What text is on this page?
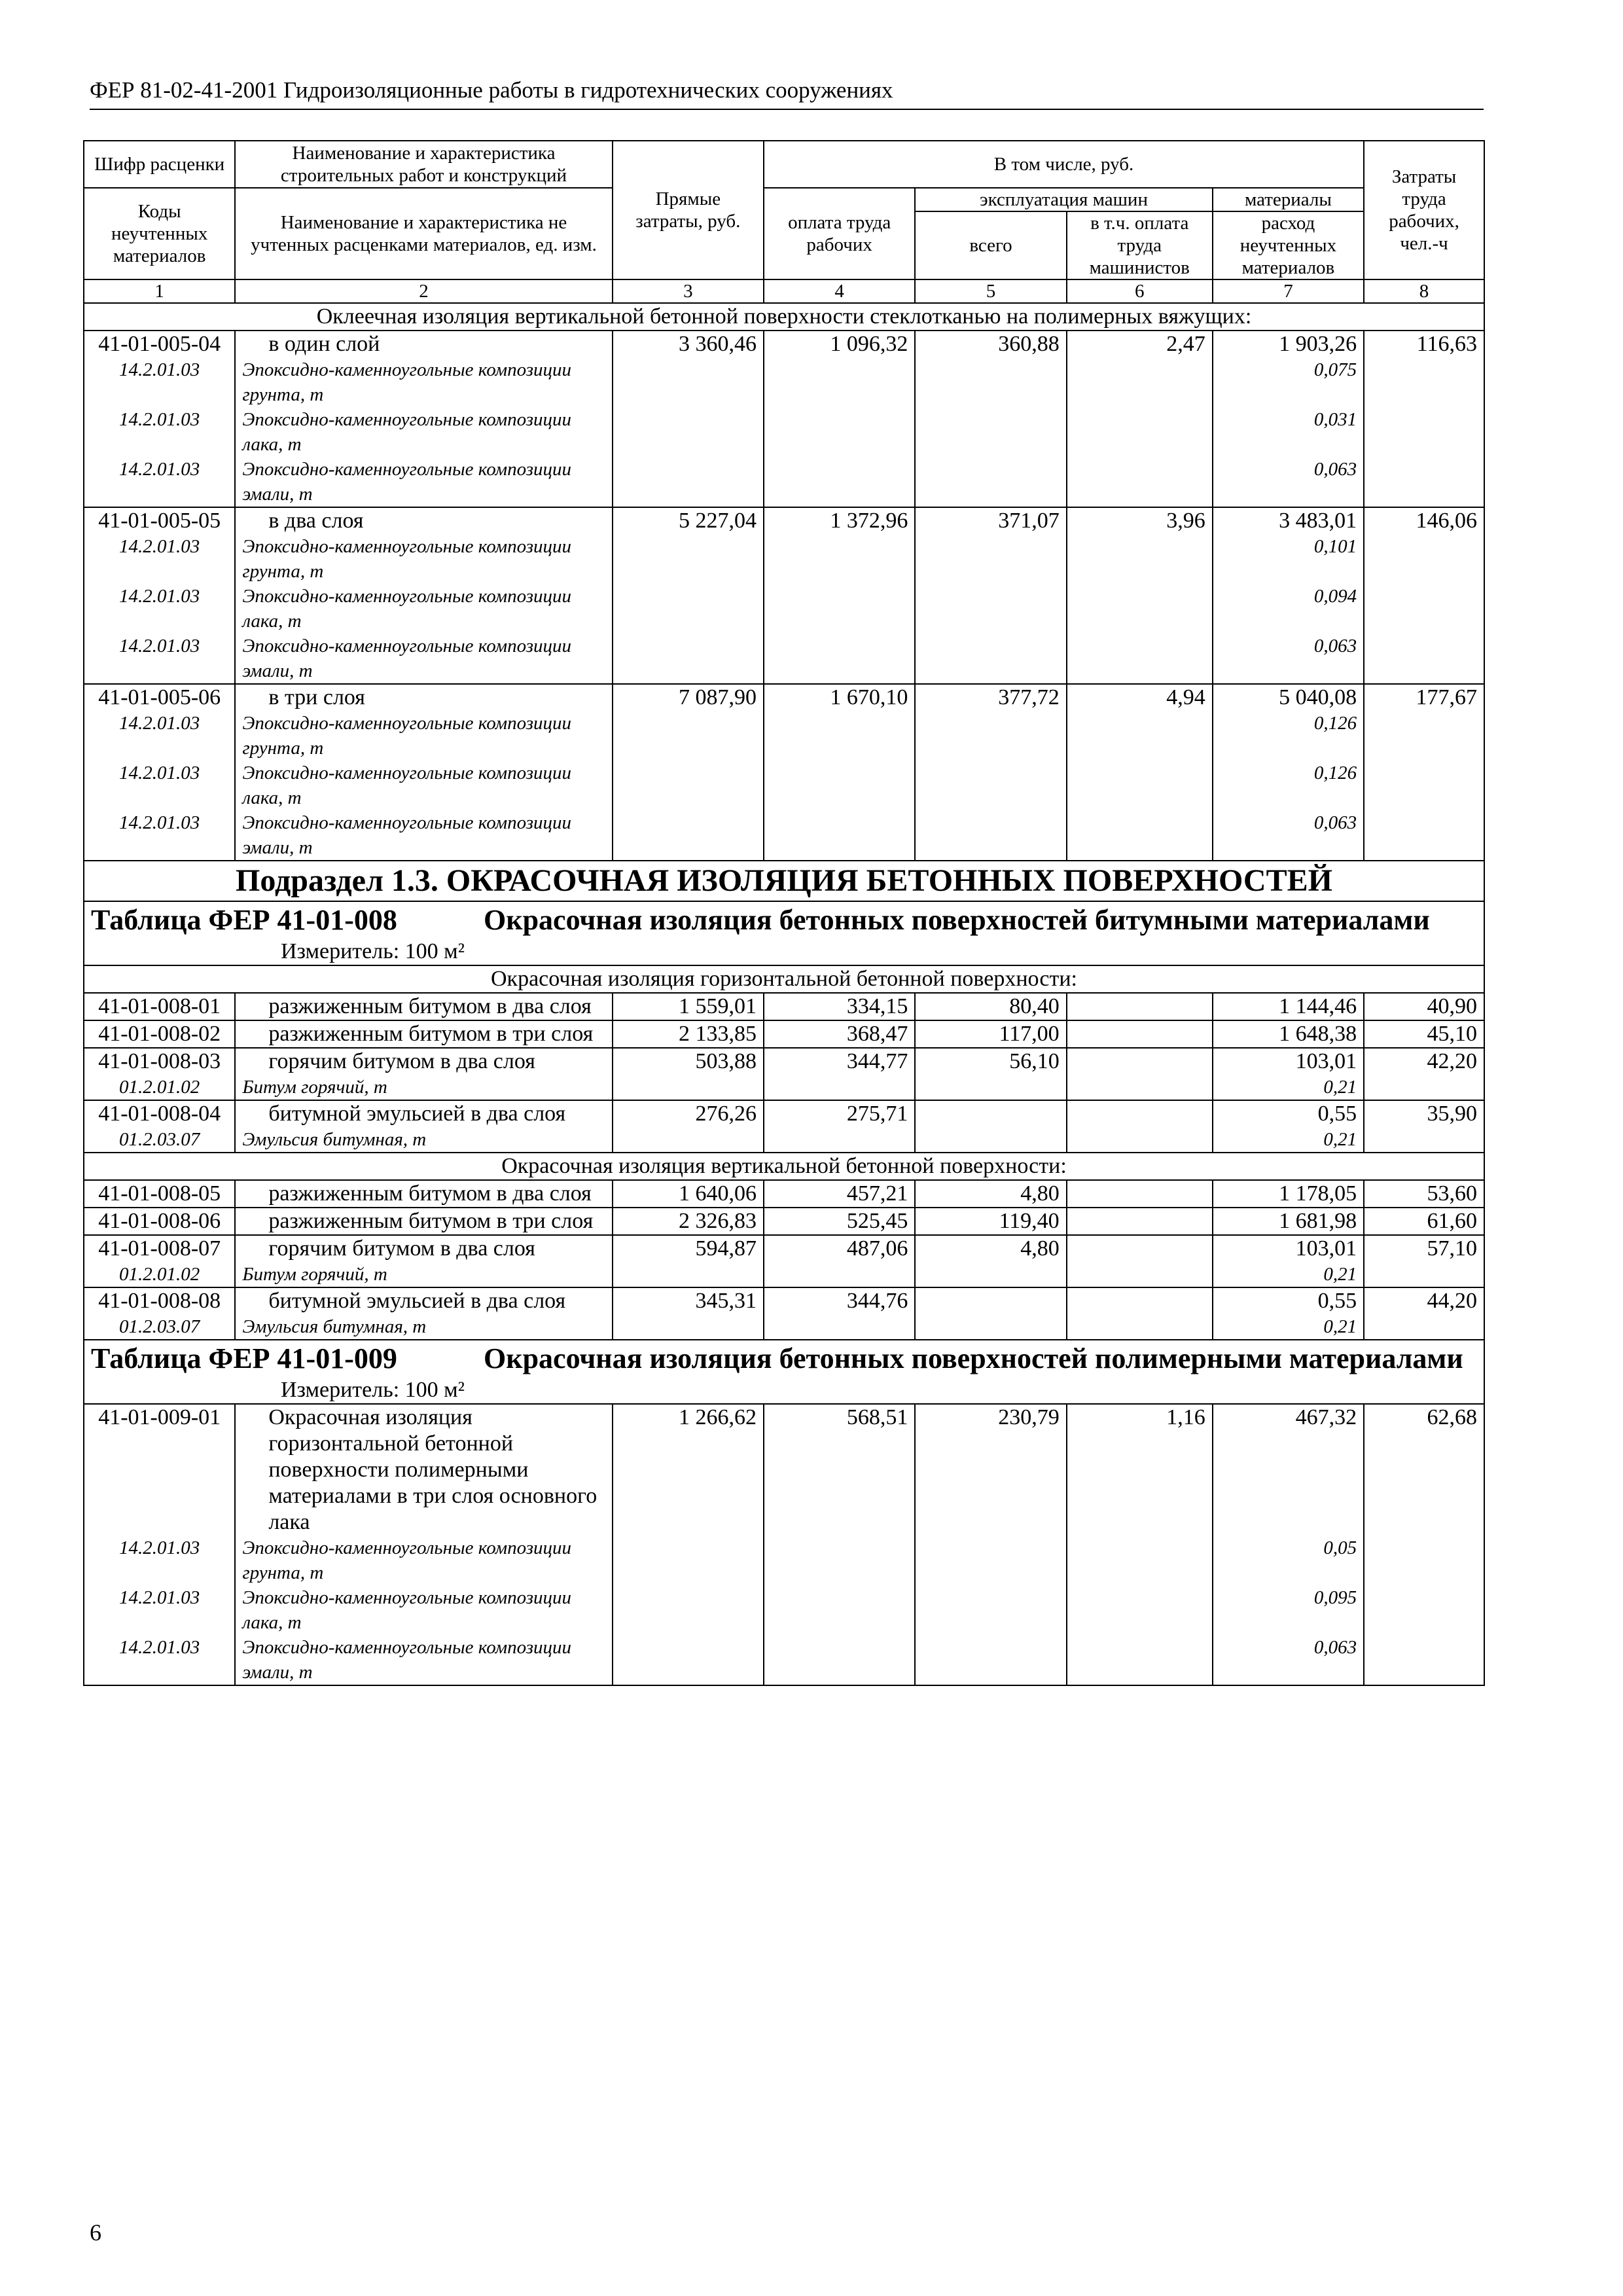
ФЕР 81-02-41-2001 Гидроизоляционные работы в гидротехнических сооружениях
Шифр расценки	Наименование и характеристика строительных работ и конструкций	Прямые затраты, руб.	В том числе, руб.				Затраты труда рабочих, чел.-ч
Коды неучтенных материалов	Наименование и характеристика не учтенных расценками материалов, ед. изм.		оплата труда рабочих	эксплуатация машин		материалы	
				всего	в т.ч. оплата труда машинистов	расход неучтенных материалов	
1	2	3	4	5	6	7	8
Оклеечная изоляция вертикальной бетонной поверхности стеклотканью на полимерных вяжущих:							
41-01-005-04	в один слой	3 360,46	1 096,32	360,88	2,47	1 903,26	116,63
14.2.01.03	Эпоксидно-каменноугольные композиции грунта, т					0,075	
14.2.01.03	Эпоксидно-каменноугольные композиции лака, т					0,031	
14.2.01.03	Эпоксидно-каменноугольные композиции эмали, т					0,063	
41-01-005-05	в два слоя	5 227,04	1 372,96	371,07	3,96	3 483,01	146,06
14.2.01.03	Эпоксидно-каменноугольные композиции грунта, т					0,101	
14.2.01.03	Эпоксидно-каменноугольные композиции лака, т					0,094	
14.2.01.03	Эпоксидно-каменноугольные композиции эмали, т					0,063	
41-01-005-06	в три слоя	7 087,90	1 670,10	377,72	4,94	5 040,08	177,67
14.2.01.03	Эпоксидно-каменноугольные композиции грунта, т					0,126	
14.2.01.03	Эпоксидно-каменноугольные композиции лака, т					0,126	
14.2.01.03	Эпоксидно-каменноугольные композиции эмали, т					0,063	
Подраздел 1.3. ОКРАСОЧНАЯ ИЗОЛЯЦИЯ БЕТОННЫХ ПОВЕРХНОСТЕЙ							
Таблица ФЕР 41-01-008 Окрасочная изоляция бетонных поверхностей битумными материалами							
Измеритель: 100 м²							
Окрасочная изоляция горизонтальной бетонной поверхности:							
41-01-008-01	разжиженным битумом в два слоя	1 559,01	334,15	80,40		1 144,46	40,90
41-01-008-02	разжиженным битумом в три слоя	2 133,85	368,47	117,00		1 648,38	45,10
41-01-008-03	горячим битумом в два слоя	503,88	344,77	56,10		103,01	42,20
01.2.01.02	Битум горячий, т					0,21	
41-01-008-04	битумной эмульсией в два слоя	276,26	275,71			0,55	35,90
01.2.03.07	Эмульсия битумная, т					0,21	
Окрасочная изоляция вертикальной бетонной поверхности:							
41-01-008-05	разжиженным битумом в два слоя	1 640,06	457,21	4,80		1 178,05	53,60
41-01-008-06	разжиженным битумом в три слоя	2 326,83	525,45	119,40		1 681,98	61,60
41-01-008-07	горячим битумом в два слоя	594,87	487,06	4,80		103,01	57,10
01.2.01.02	Битум горячий, т					0,21	
41-01-008-08	битумной эмульсией в два слоя	345,31	344,76			0,55	44,20
01.2.03.07	Эмульсия битумная, т					0,21	
Таблица ФЕР 41-01-009 Окрасочная изоляция бетонных поверхностей полимерными материалами							
Измеритель: 100 м²							
41-01-009-01	Окрасочная изоляция горизонтальной бетонной поверхности полимерными материалами в три слоя основного лака	1 266,62	568,51	230,79	1,16	467,32	62,68
14.2.01.03	Эпоксидно-каменноугольные композиции грунта, т					0,05	
14.2.01.03	Эпоксидно-каменноугольные композиции лака, т					0,095	
14.2.01.03	Эпоксидно-каменноугольные композиции эмали, т					0,063	
6
